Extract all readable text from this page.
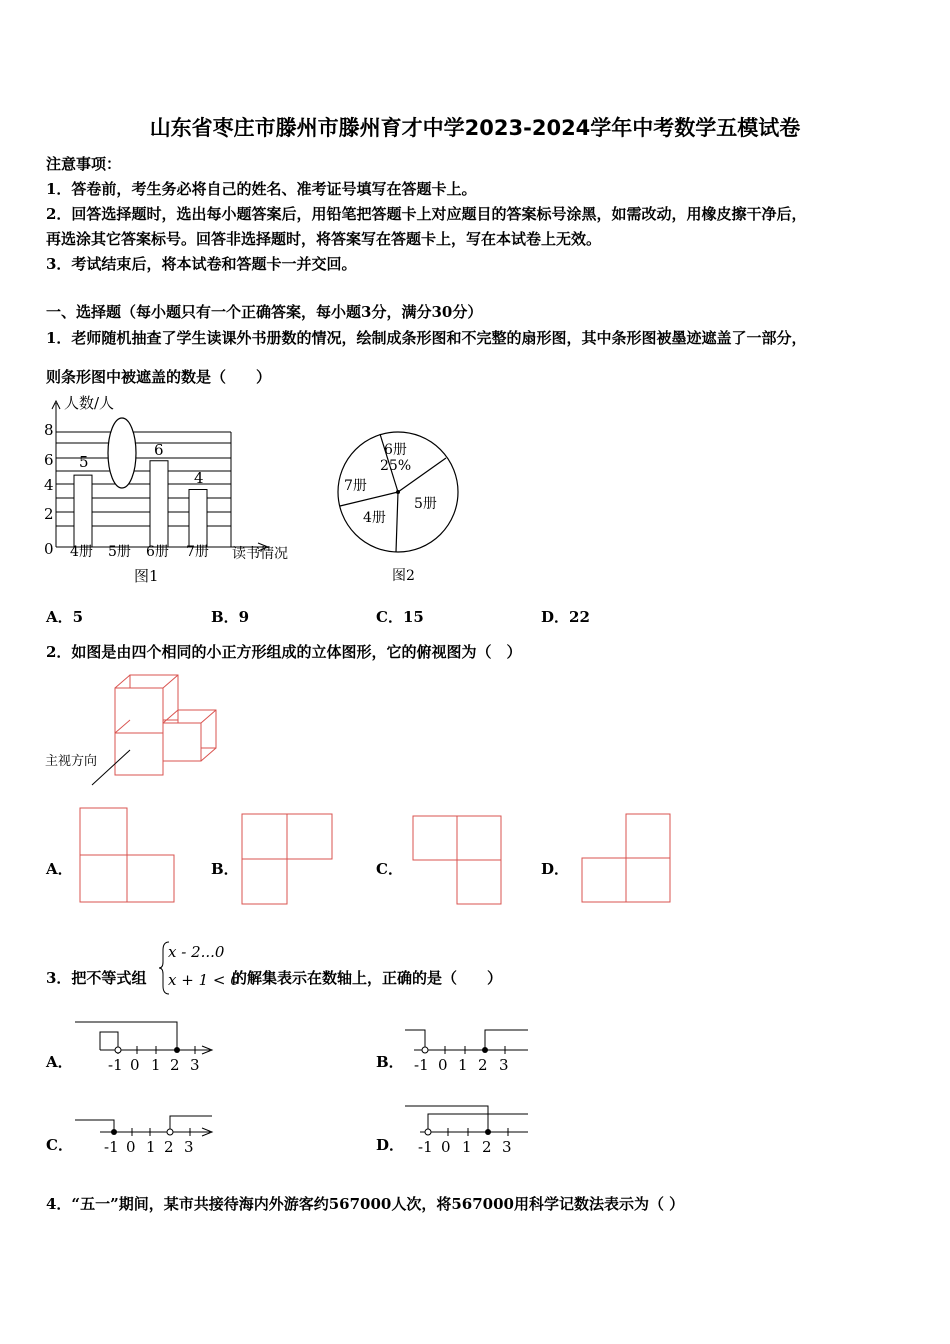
山东省枣庄市滕州市滕州育才中学2023-2024学年中考数学五模试卷
注意事项：
1．答卷前，考生务必将自己的姓名、准考证号填写在答题卡上。
2．回答选择题时，选出每小题答案后，用铅笔把答题卡上对应题目的答案标号涂黑，如需改动，用橡皮擦干净后，
再选涂其它答案标号。回答非选择题时，将答案写在答题卡上，写在本试卷上无效。
3．考试结束后，将本试卷和答题卡一并交回。
一、选择题（每小题只有一个正确答案，每小题3分，满分30分）
1．老师随机抽查了学生读课外书册数的情况，绘制成条形图和不完整的扇形图，其中条形图被墨迹遮盖了一部分，
则条形图中被遮盖的数是（　　）
人数/人
8
6
4
2
0 4册 5册 6册 7册 读书情况
5
6
4
图1
6册
25%
7册
4册
5册
图2
A．5	B．9	C．15	D．22
2．如图是由四个相同的小正方形组成的立体图形，它的俯视图为（　）
主视方向
A．	B．	C．	D．
3．把不等式组
x - 2...0
x + 1 < 0
的解集表示在数轴上，正确的是（　　）
A． -1 0 1 2 3	B． -1 0 1 2 3
C． -1 0 1 2 3	D． -1 0 1 2 3
4．“五一”期间，某市共接待海内外游客约567000人次，将567000用科学记数法表示为（ ）
